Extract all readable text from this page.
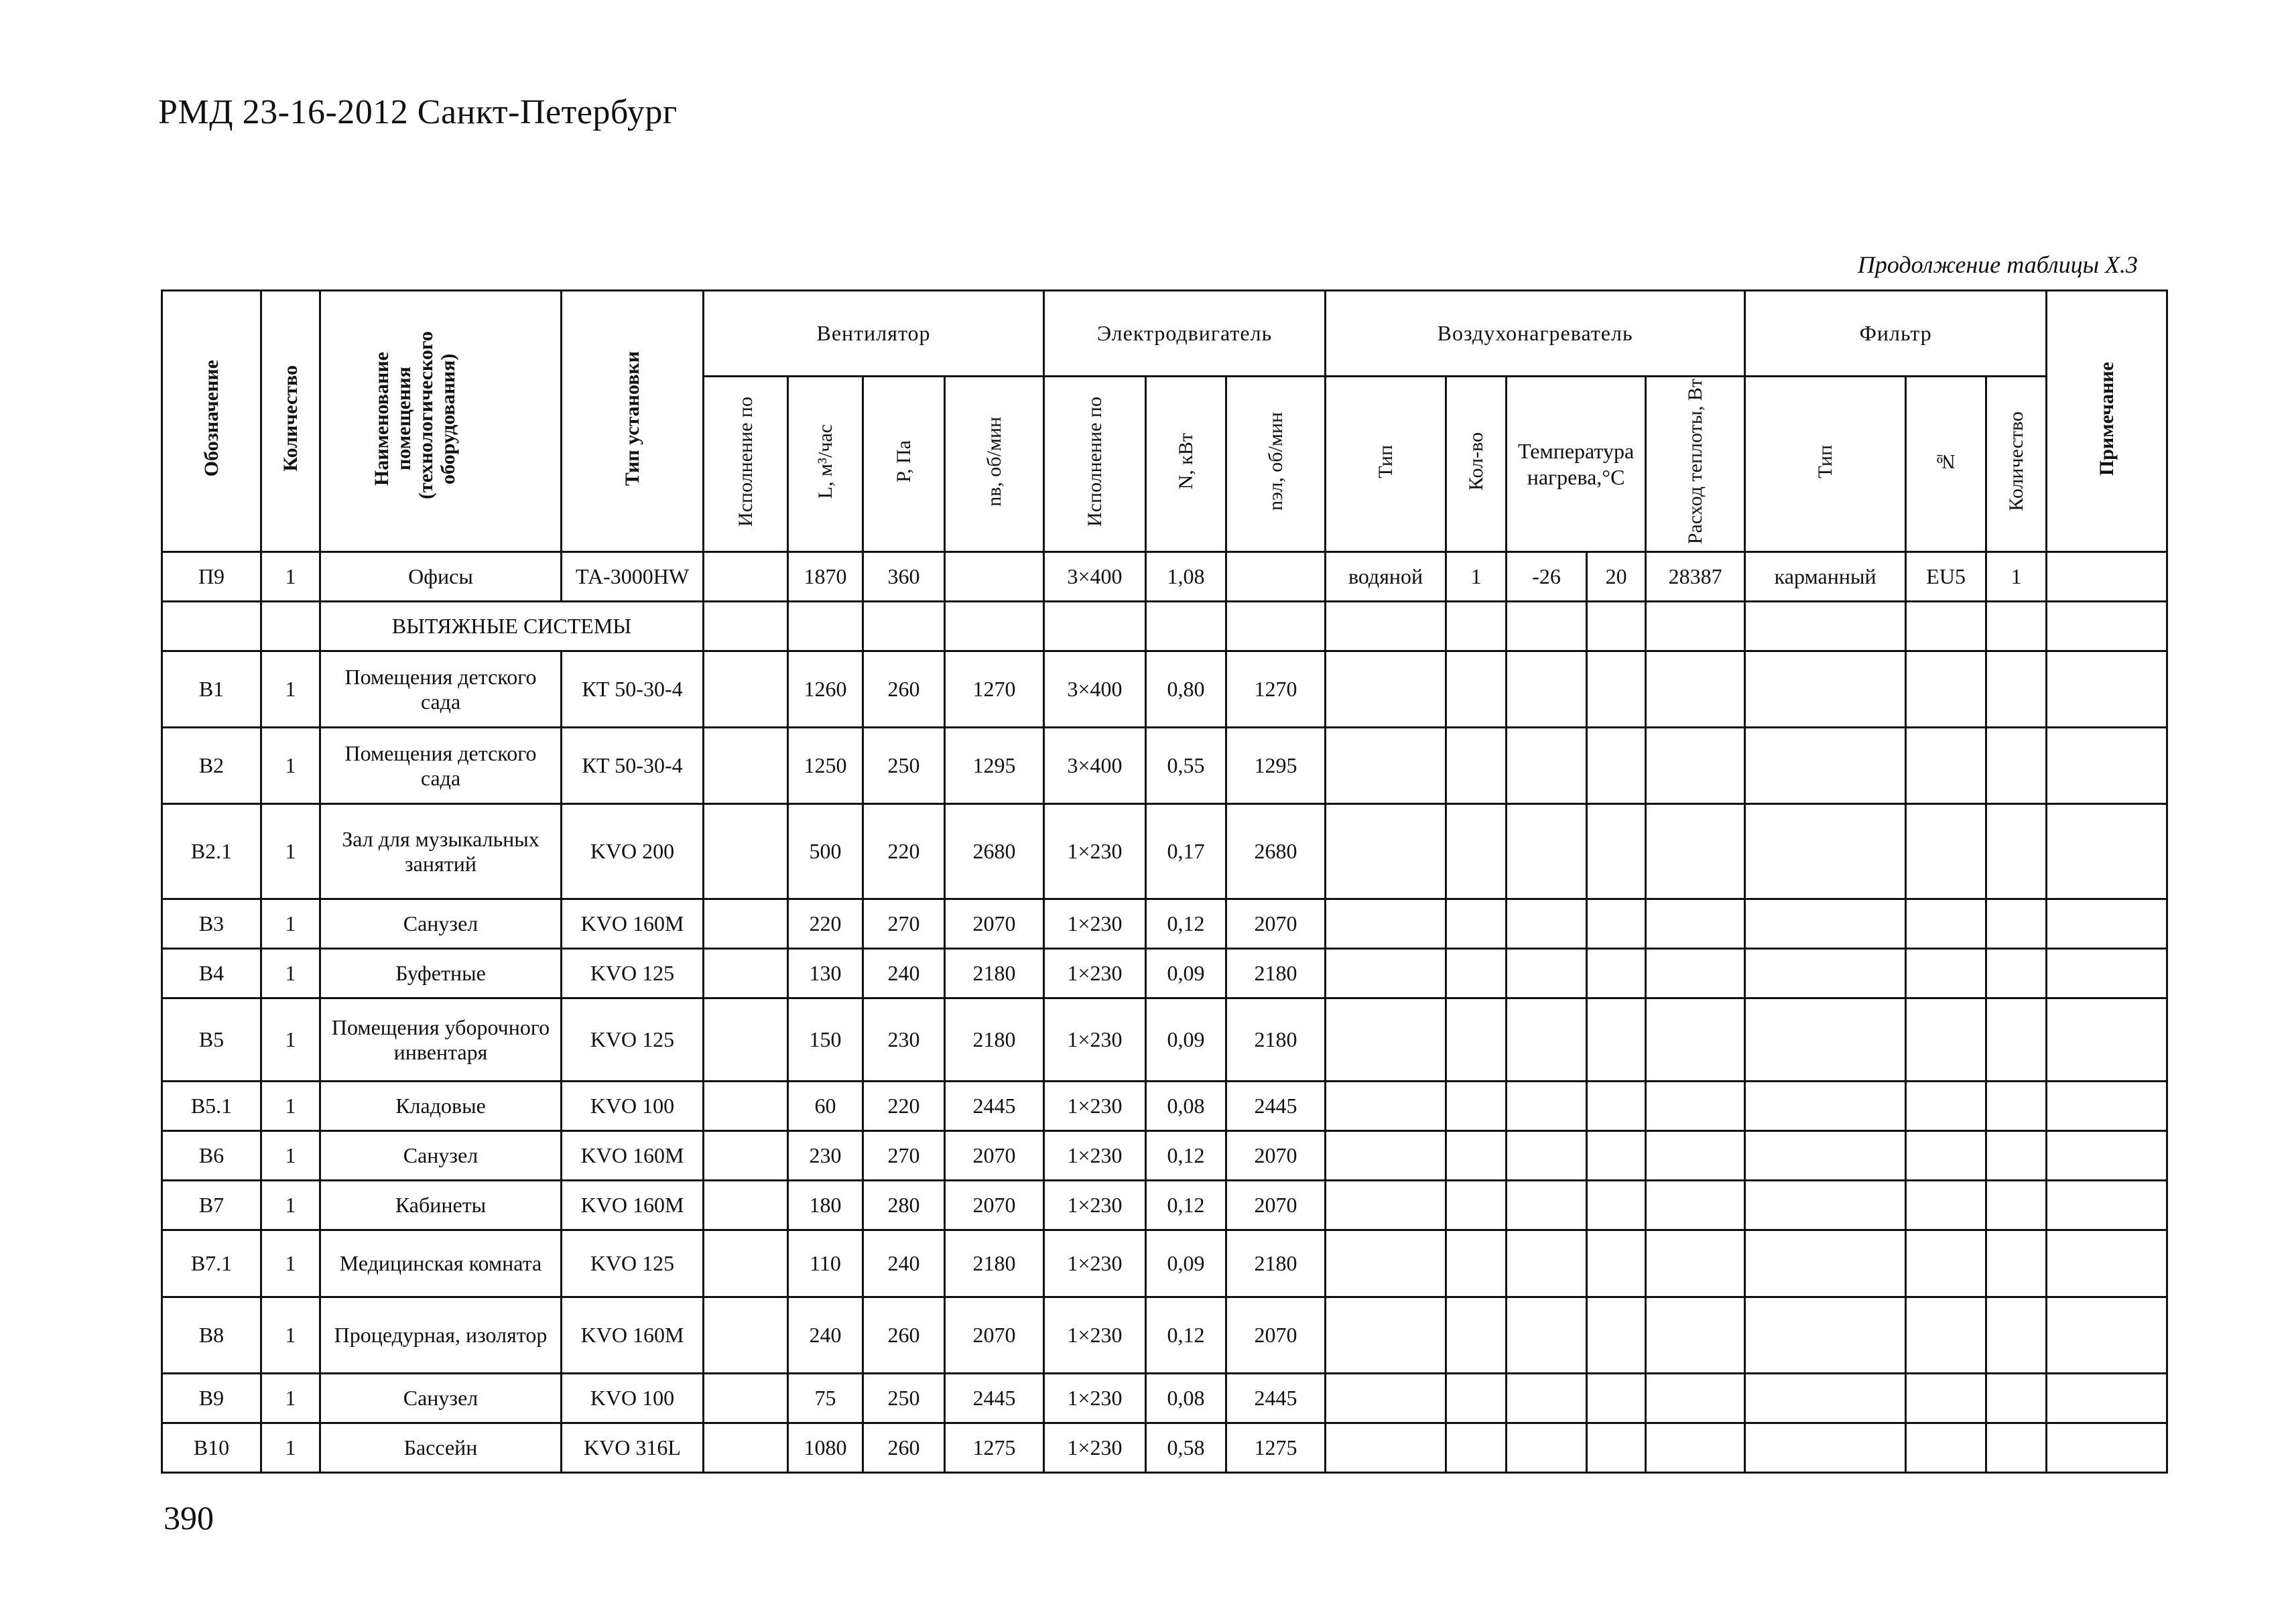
РМД 23-16-2012 Санкт-Петербург
Продолжение таблицы Х.3
Обозначение	Количество	Наименование помещения (технологического оборудования)	Тип установки	Вентилятор				Электродвигатель			Воздухонагреватель					Фильтр			Примечание
				Исполнение по	L, м³/час	Р, Па	nв, об/мин	Исполнение по	N, кВт	nэл, об/мин	Тип	Кол-во	Температура нагрева,°С		Расход теплоты, Вт	Тип	№	Количество	
П9	1	Офисы	ТА-3000НW		1870	360		3×400	1,08		водяной	1	-26	20	28387	карманный	EU5	1	
		ВЫТЯЖНЫЕ СИСТЕМЫ																	
В1	1	Помещения детского сада	КТ 50-30-4		1260	260	1270	3×400	0,80	1270									
В2	1	Помещения детского сада	КТ 50-30-4		1250	250	1295	3×400	0,55	1295									
В2.1	1	Зал для музыкальных занятий	KVO 200		500	220	2680	1×230	0,17	2680									
В3	1	Санузел	KVO 160M		220	270	2070	1×230	0,12	2070									
В4	1	Буфетные	KVO 125		130	240	2180	1×230	0,09	2180									
В5	1	Помещения уборочного инвентаря	KVO 125		150	230	2180	1×230	0,09	2180									
В5.1	1	Кладовые	KVO 100		60	220	2445	1×230	0,08	2445									
В6	1	Санузел	KVO 160M		230	270	2070	1×230	0,12	2070									
В7	1	Кабинеты	KVO 160M		180	280	2070	1×230	0,12	2070									
В7.1	1	Медицинская комната	KVO 125		110	240	2180	1×230	0,09	2180									
В8	1	Процедурная, изолятор	KVO 160M		240	260	2070	1×230	0,12	2070									
В9	1	Санузел	KVO 100		75	250	2445	1×230	0,08	2445									
В10	1	Бассейн	KVO 316L		1080	260	1275	1×230	0,58	1275									
390
